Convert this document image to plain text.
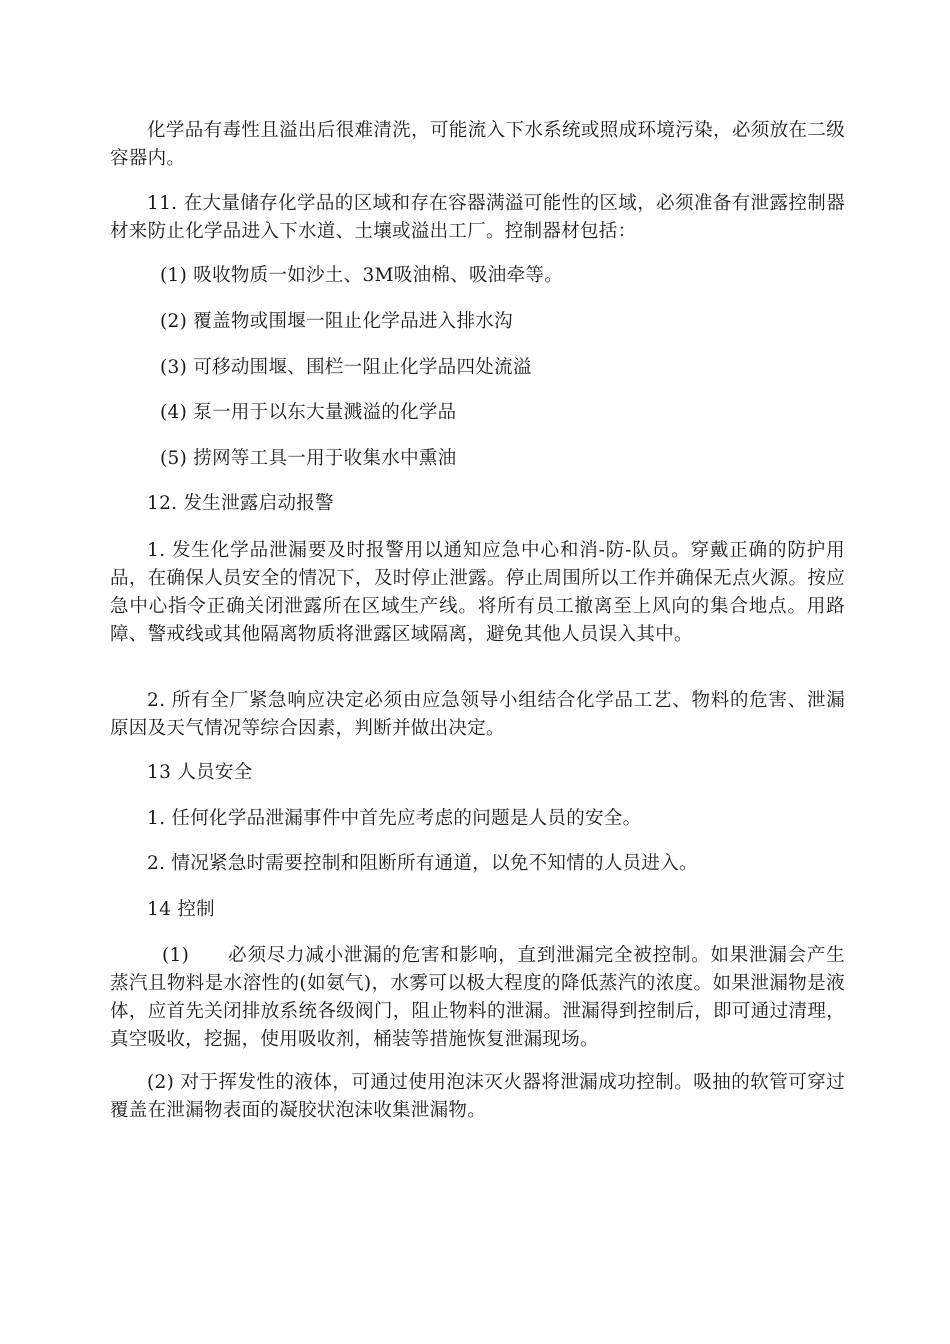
化学品有毒性且溢出后很难清洗，可能流入下水系统或照成环境污染，必须放在二级容器内。

11. 在大量储存化学品的区域和存在容器满溢可能性的区域，必须准备有泄露控制器材来防止化学品进入下水道、土壤或溢出工厂。控制器材包括：

(1) 吸收物质一如沙土、3M吸油棉、吸油牵等。

(2) 覆盖物或围堰一阻止化学品进入排水沟

(3) 可移动围堰、围栏一阻止化学品四处流溢

(4) 泵一用于以东大量溅溢的化学品

(5) 捞网等工具一用于收集水中熏油

12. 发生泄露启动报警

1. 发生化学品泄漏要及时报警用以通知应急中心和消-防-队员。穿戴正确的防护用品，在确保人员安全的情况下，及时停止泄露。停止周围所以工作并确保无点火源。按应急中心指令正确关闭泄露所在区域生产线。将所有员工撤离至上风向的集合地点。用路障、警戒线或其他隔离物质将泄露区域隔离，避免其他人员误入其中。

2. 所有全厂紧急响应决定必须由应急领导小组结合化学品工艺、物料的危害、泄漏原因及天气情况等综合因素，判断并做出决定。

13 人员安全

1. 任何化学品泄漏事件中首先应考虑的问题是人员的安全。

2. 情况紧急时需要控制和阻断所有通道，以免不知情的人员进入。

14 控制

(1)　　必须尽力减小泄漏的危害和影响，直到泄漏完全被控制。如果泄漏会产生蒸汽且物料是水溶性的(如氨气)，水雾可以极大程度的降低蒸汽的浓度。如果泄漏物是液体，应首先关闭排放系统各级阀门，阻止物料的泄漏。泄漏得到控制后，即可通过清理，真空吸收，挖掘，使用吸收剂，桶装等措施恢复泄漏现场。

(2) 对于挥发性的液体，可通过使用泡沫灭火器将泄漏成功控制。吸抽的软管可穿过覆盖在泄漏物表面的凝胶状泡沫收集泄漏物。
